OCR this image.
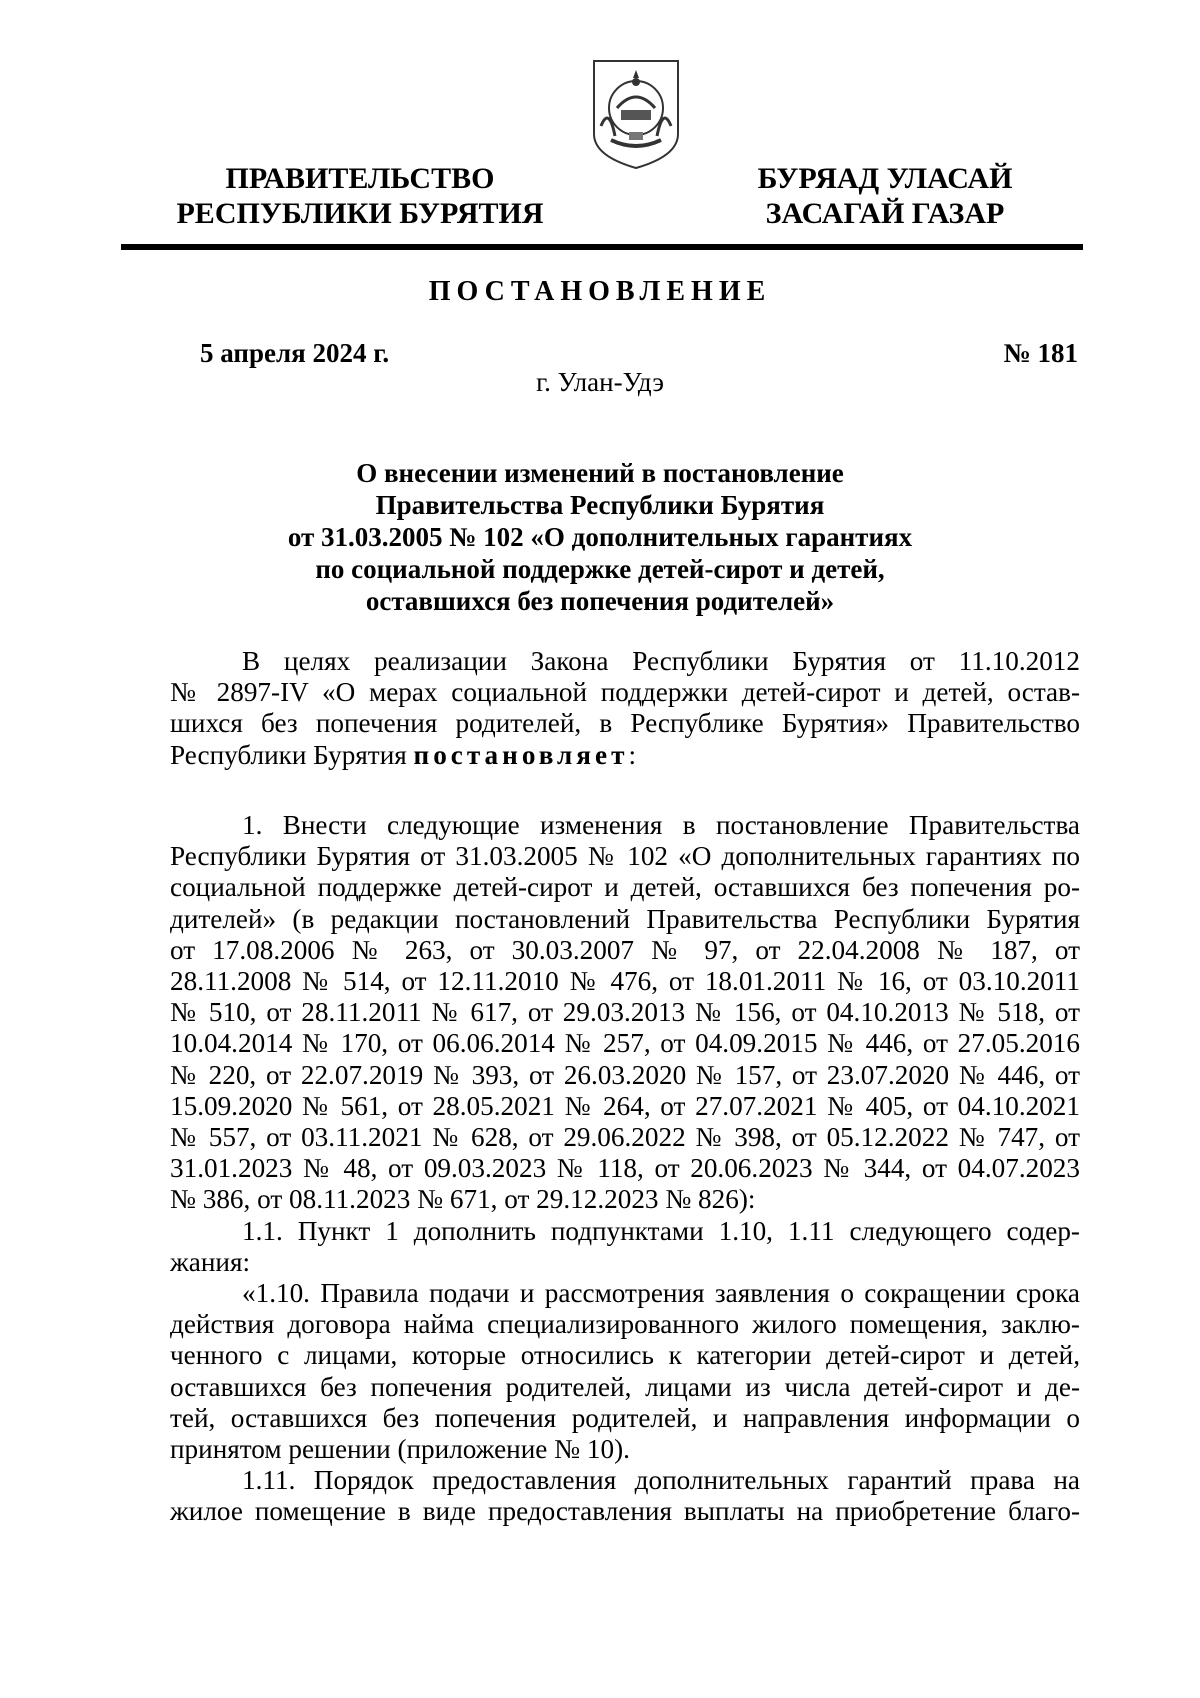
ПРАВИТЕЛЬСТВО
РЕСПУБЛИКИ БУРЯТИЯ
БУРЯАД УЛАСАЙ
ЗАСАГАЙ ГАЗАР
ПОСТАНОВЛЕНИЕ
5 апреля 2024 г.	№ 181
г. Улан-Удэ
О внесении изменений в постановление
Правительства Республики Бурятия
от 31.03.2005 № 102 «О дополнительных гарантиях
по социальной поддержке детей-сирот и детей,
оставшихся без попечения родителей»
В целях реализации Закона Республики Бурятия от 11.10.2012
№ 2897-IV «О мерах социальной поддержки детей-сирот и детей, остав-
шихся без попечения родителей, в Республике Бурятия» Правительство
Республики Бурятия постановляет:
1. Внести следующие изменения в постановление Правительства
Республики Бурятия от 31.03.2005 № 102 «О дополнительных гарантиях по
социальной поддержке детей-сирот и детей, оставшихся без попечения ро-
дителей» (в редакции постановлений Правительства Республики Бурятия
от 17.08.2006 № 263, от 30.03.2007 № 97, от 22.04.2008 № 187, от
28.11.2008 № 514, от 12.11.2010 № 476, от 18.01.2011 № 16, от 03.10.2011
№ 510, от 28.11.2011 № 617, от 29.03.2013 № 156, от 04.10.2013 № 518, от
10.04.2014 № 170, от 06.06.2014 № 257, от 04.09.2015 № 446, от 27.05.2016
№ 220, от 22.07.2019 № 393, от 26.03.2020 № 157, от 23.07.2020 № 446, от
15.09.2020 № 561, от 28.05.2021 № 264, от 27.07.2021 № 405, от 04.10.2021
№ 557, от 03.11.2021 № 628, от 29.06.2022 № 398, от 05.12.2022 № 747, от
31.01.2023 № 48, от 09.03.2023 № 118, от 20.06.2023 № 344, от 04.07.2023
№ 386, от 08.11.2023 № 671, от 29.12.2023 № 826):
1.1. Пункт 1 дополнить подпунктами 1.10, 1.11 следующего содер-
жания:
«1.10. Правила подачи и рассмотрения заявления о сокращении срока
действия договора найма специализированного жилого помещения, заклю-
ченного с лицами, которые относились к категории детей-сирот и детей,
оставшихся без попечения родителей, лицами из числа детей-сирот и де-
тей, оставшихся без попечения родителей, и направления информации о
принятом решении (приложение № 10).
1.11. Порядок предоставления дополнительных гарантий права на
жилое помещение в виде предоставления выплаты на приобретение благо-
